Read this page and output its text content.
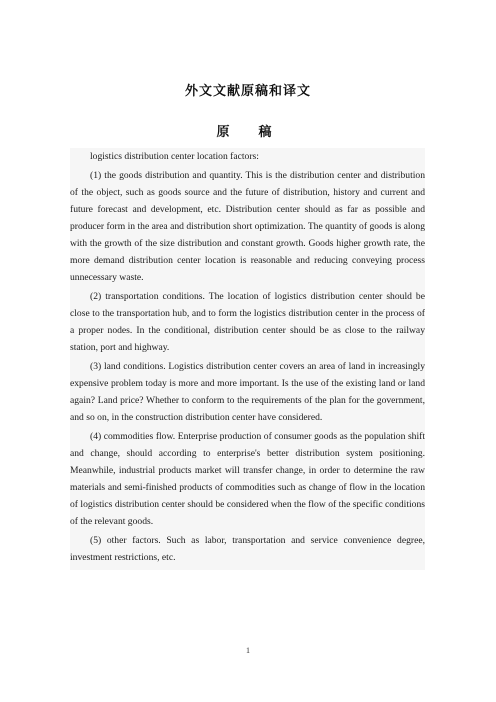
外文文献原稿和译文
原　稿

logistics distribution center location factors:

(1) the goods distribution and quantity. This is the distribution center and distribution of the object, such as goods source and the future of distribution, history and current and future forecast and development, etc. Distribution center should as far as possible and producer form in the area and distribution short optimization. The quantity of goods is along with the growth of the size distribution and constant growth. Goods higher growth rate, the more demand distribution center location is reasonable and reducing conveying process unnecessary waste.

(2) transportation conditions. The location of logistics distribution center should be close to the transportation hub, and to form the logistics distribution center in the process of a proper nodes. In the conditional, distribution center should be as close to the railway station, port and highway.

(3) land conditions. Logistics distribution center covers an area of land in increasingly expensive problem today is more and more important. Is the use of the existing land or land again? Land price? Whether to conform to the requirements of the plan for the government, and so on, in the construction distribution center have considered.

(4) commodities flow. Enterprise production of consumer goods as the population shift and change, should according to enterprise's better distribution system positioning. Meanwhile, industrial products market will transfer change, in order to determine the raw materials and semi-finished products of commodities such as change of flow in the location of logistics distribution center should be considered when the flow of the specific conditions of the relevant goods.

(5) other factors. Such as labor, transportation and service convenience degree, investment restrictions, etc.

1
